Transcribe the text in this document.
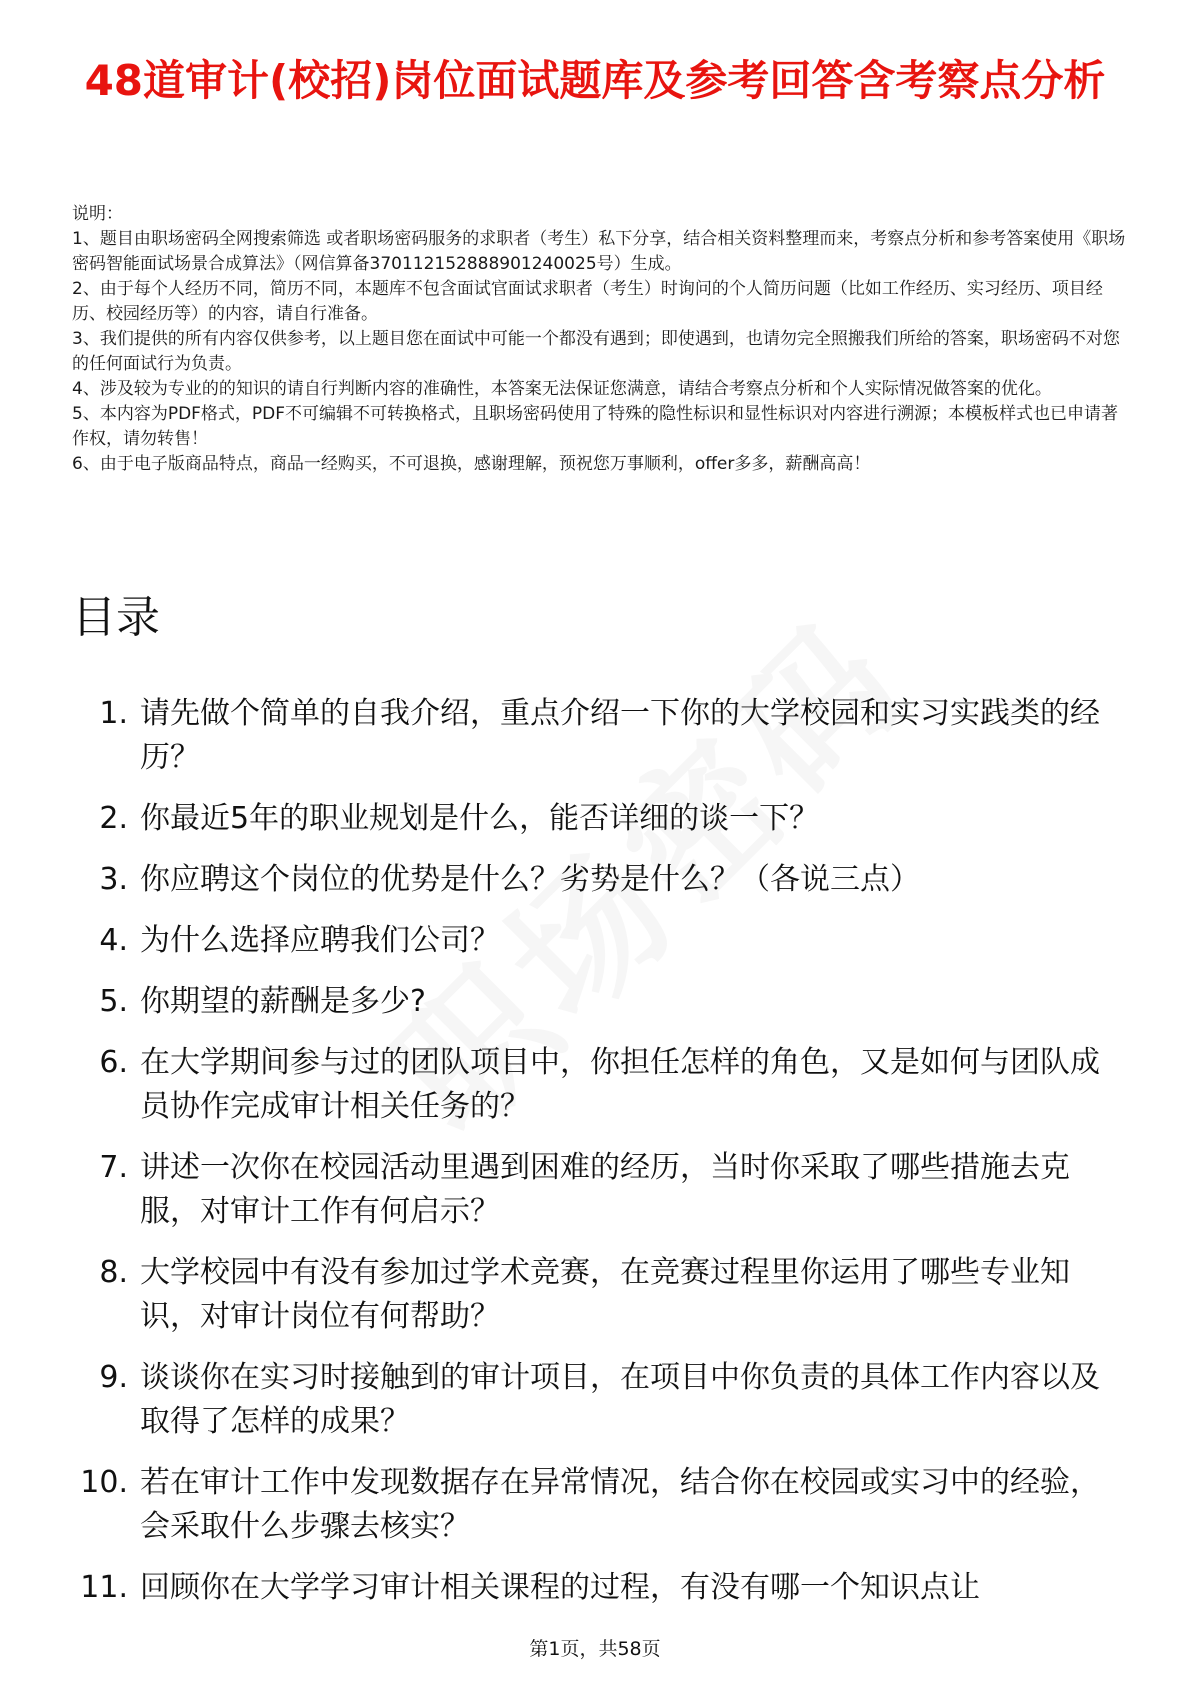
48道审计(校招)岗位面试题库及参考回答含考察点分析

说明：

1、题目由职场密码全网搜索筛选 或者职场密码服务的求职者（考生）私下分享，结合相关资料整理而来，考察点分析和参考答案使用《职场密码智能面试场景合成算法》（网信算备370112152888901240025号）生成。

2、由于每个人经历不同，简历不同，本题库不包含面试官面试求职者（考生）时询问的个人简历问题（比如工作经历、实习经历、项目经历、校园经历等）的内容，请自行准备。

3、我们提供的所有内容仅供参考，以上题目您在面试中可能一个都没有遇到；即使遇到，也请勿完全照搬我们所给的答案，职场密码不对您的任何面试行为负责。

4、涉及较为专业的的知识的请自行判断内容的准确性，本答案无法保证您满意，请结合考察点分析和个人实际情况做答案的优化。

5、本内容为PDF格式，PDF不可编辑不可转换格式，且职场密码使用了特殊的隐性标识和显性标识对内容进行溯源；本模板样式也已申请著作权，请勿转售！

6、由于电子版商品特点，商品一经购买，不可退换，感谢理解，预祝您万事顺利，offer多多，薪酬高高！

目录
1. 请先做个简单的自我介绍，重点介绍一下你的大学校园和实习实践类的经历？
2. 你最近5年的职业规划是什么，能否详细的谈一下？
3. 你应聘这个岗位的优势是什么？劣势是什么？（各说三点）
4. 为什么选择应聘我们公司？
5. 你期望的薪酬是多少?
6. 在大学期间参与过的团队项目中，你担任怎样的角色，又是如何与团队成员协作完成审计相关任务的？
7. 讲述一次你在校园活动里遇到困难的经历，当时你采取了哪些措施去克服，对审计工作有何启示？
8. 大学校园中有没有参加过学术竞赛，在竞赛过程里你运用了哪些专业知识，对审计岗位有何帮助？
9. 谈谈你在实习时接触到的审计项目，在项目中你负责的具体工作内容以及取得了怎样的成果？
10. 若在审计工作中发现数据存在异常情况，结合你在校园或实习中的经验，会采取什么步骤去核实？
11. 回顾你在大学学习审计相关课程的过程，有没有哪一个知识点让
第1页，共58页
